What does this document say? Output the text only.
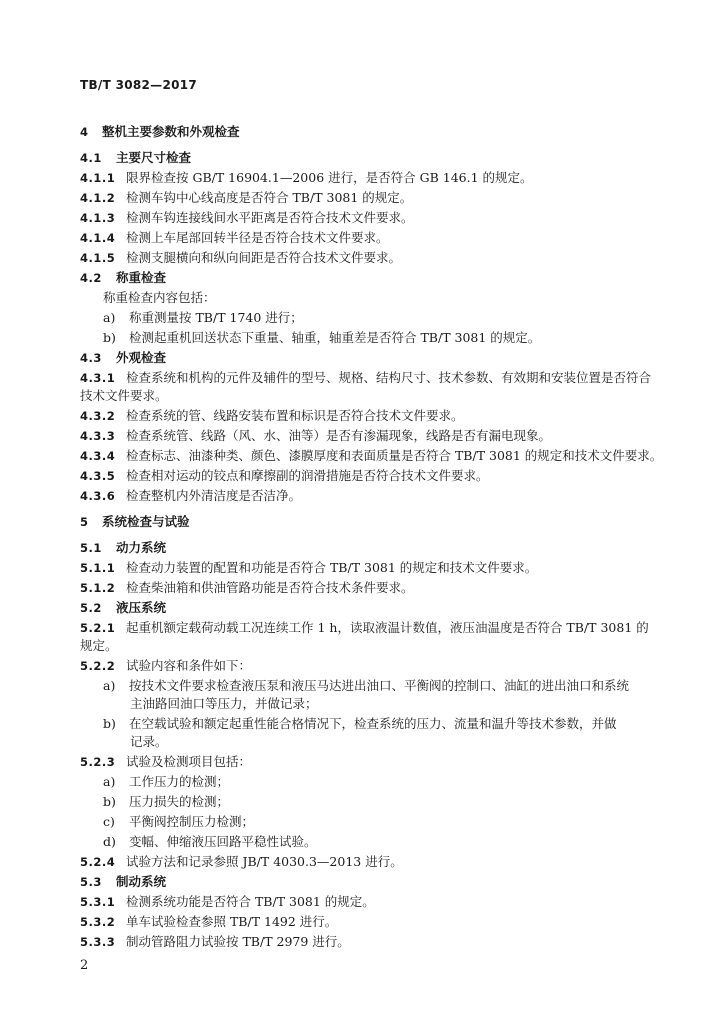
TB/T 3082—2017
4 整机主要参数和外观检查
4.1 主要尺寸检查
4.1.1 限界检查按 GB/T 16904.1—2006 进行，是否符合 GB 146.1 的规定。
4.1.2 检测车钩中心线高度是否符合 TB/T 3081 的规定。
4.1.3 检测车钩连接线间水平距离是否符合技术文件要求。
4.1.4 检测上车尾部回转半径是否符合技术文件要求。
4.1.5 检测支腿横向和纵向间距是否符合技术文件要求。
4.2 称重检查
称重检查内容包括：
a) 称重测量按 TB/T 1740 进行；
b) 检测起重机回送状态下重量、轴重，轴重差是否符合 TB/T 3081 的规定。
4.3 外观检查
4.3.1 检查系统和机构的元件及辅件的型号、规格、结构尺寸、技术参数、有效期和安装位置是否符合
技术文件要求。
4.3.2 检查系统的管、线路安装布置和标识是否符合技术文件要求。
4.3.3 检查系统管、线路（风、水、油等）是否有渗漏现象，线路是否有漏电现象。
4.3.4 检查标志、油漆种类、颜色、漆膜厚度和表面质量是否符合 TB/T 3081 的规定和技术文件要求。
4.3.5 检查相对运动的铰点和摩擦副的润滑措施是否符合技术文件要求。
4.3.6 检查整机内外清洁度是否洁净。
5 系统检查与试验
5.1 动力系统
5.1.1 检查动力装置的配置和功能是否符合 TB/T 3081 的规定和技术文件要求。
5.1.2 检查柴油箱和供油管路功能是否符合技术条件要求。
5.2 液压系统
5.2.1 起重机额定载荷动载工况连续工作 1 h，读取液温计数值，液压油温度是否符合 TB/T 3081 的
规定。
5.2.2 试验内容和条件如下：
a) 按技术文件要求检查液压泵和液压马达进出油口、平衡阀的控制口、油缸的进出油口和系统
主油路回油口等压力，并做记录；
b) 在空载试验和额定起重性能合格情况下，检查系统的压力、流量和温升等技术参数，并做
记录。
5.2.3 试验及检测项目包括：
a) 工作压力的检测；
b) 压力损失的检测；
c) 平衡阀控制压力检测；
d) 变幅、伸缩液压回路平稳性试验。
5.2.4 试验方法和记录参照 JB/T 4030.3—2013 进行。
5.3 制动系统
5.3.1 检测系统功能是否符合 TB/T 3081 的规定。
5.3.2 单车试验检查参照 TB/T 1492 进行。
5.3.3 制动管路阻力试验按 TB/T 2979 进行。
2
